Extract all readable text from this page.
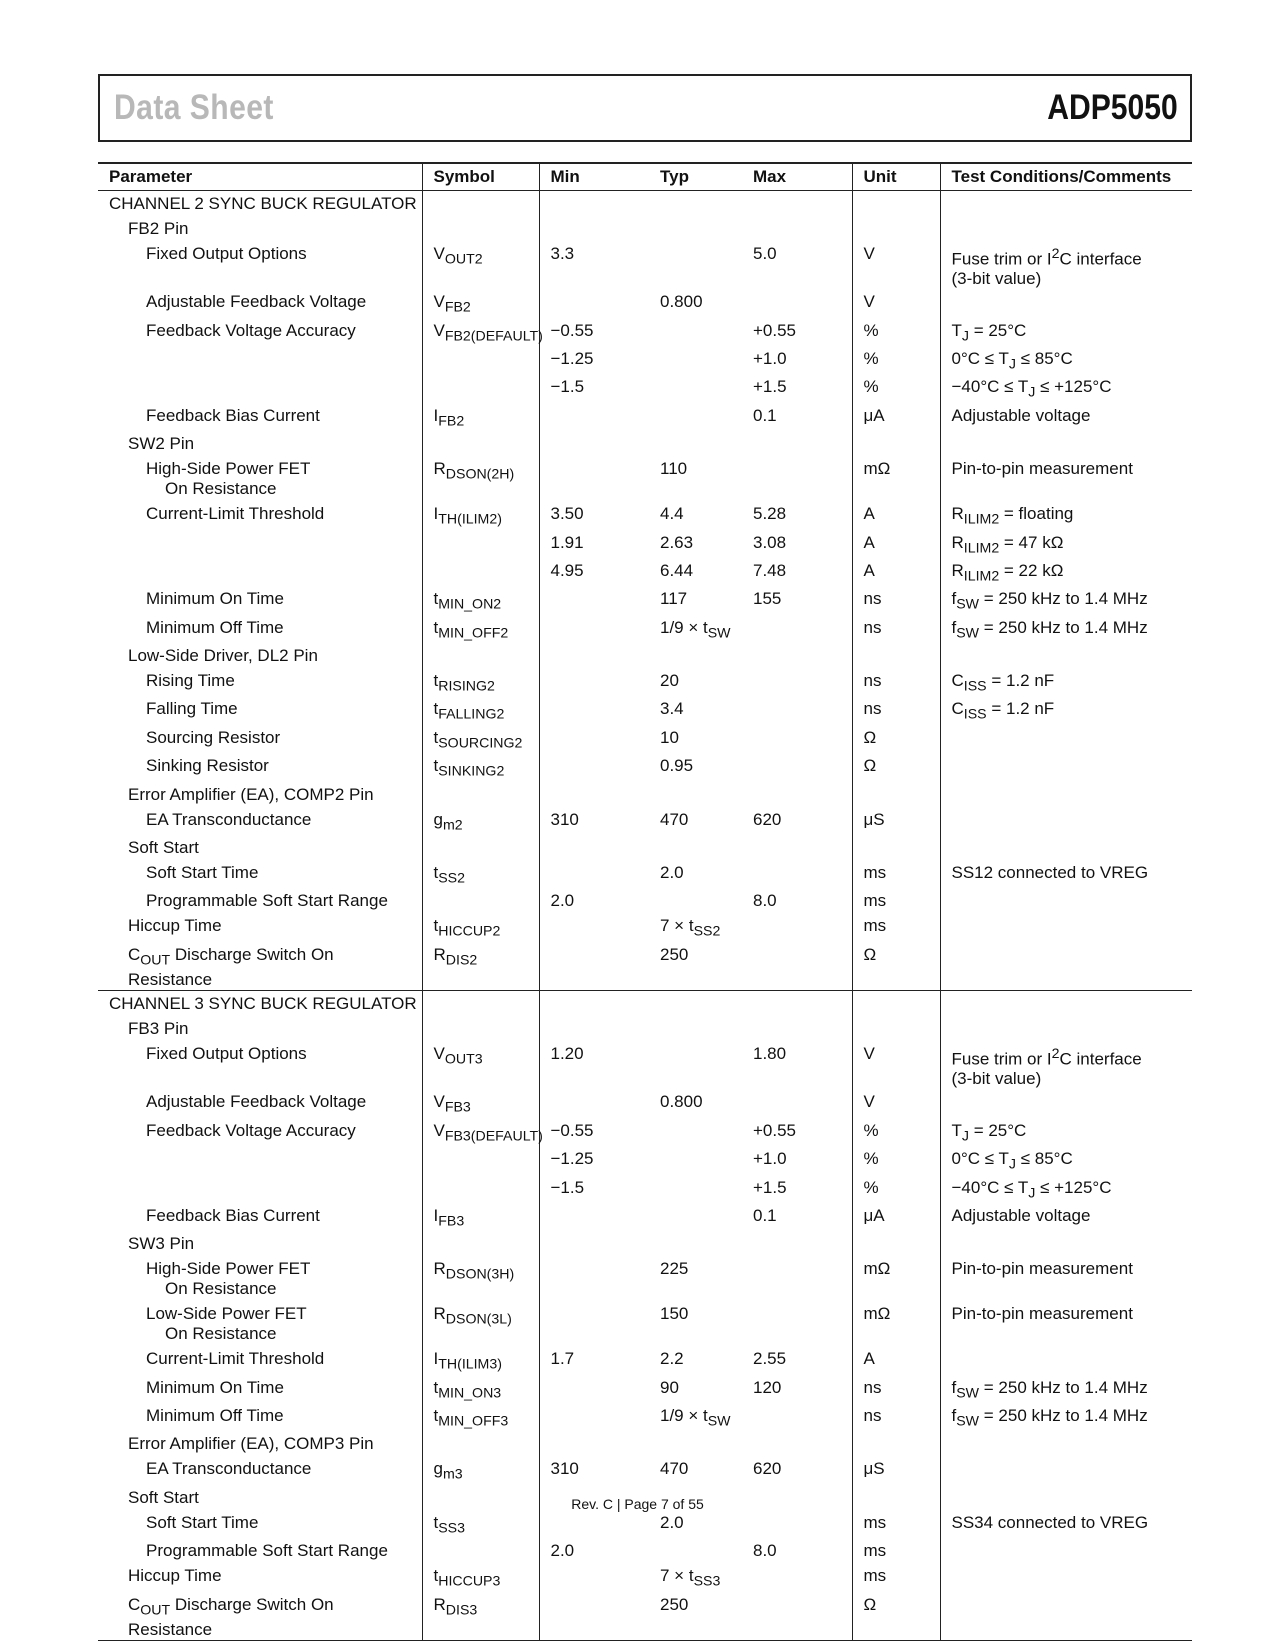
Data Sheet	ADP5050
Parameter	Symbol	Min	Typ	Max	Unit	Test Conditions/Comments
CHANNEL 2 SYNC BUCK REGULATOR						
FB2 Pin						
Fixed Output Options	$V_{OUT2}$	3.3		5.0	V	Fuse trim or $I^2C$ interface
(3-bit value)
Adjustable Feedback Voltage	$V_{FB2}$		0.800		V	
Feedback Voltage Accuracy	$V_{FB2(DEFAULT)}$	−0.55		+0.55	%	$T_J = 25^\circ C$
		−1.25		+1.0	%	$0^\circ C \le T_J \le 85^\circ C$
		−1.5		+1.5	%	$-40^\circ C \le T_J \le +125^\circ C$
Feedback Bias Current	$I_{FB2}$			0.1	μA	Adjustable voltage
SW2 Pin						
High-Side Power FET
On Resistance	$R_{DSON(2H)}$		110		mΩ	Pin-to-pin measurement
Current-Limit Threshold	$I_{TH(ILIM2)}$	3.50	4.4	5.28	A	$R_{ILIM2}$ = floating
		1.91	2.63	3.08	A	$R_{ILIM2} = 47$ kΩ
		4.95	6.44	7.48	A	$R_{ILIM2} = 22$ kΩ
Minimum On Time	$t_{MIN\_ON2}$		117	155	ns	$f_{SW} = 250$ kHz to 1.4 MHz
Minimum Off Time	$t_{MIN\_OFF2}$		$1/9 \times t_{SW}$		ns	$f_{SW} = 250$ kHz to 1.4 MHz
Low-Side Driver, DL2 Pin						
Rising Time	$t_{RISING2}$		20		ns	$C_{ISS} = 1.2$ nF
Falling Time	$t_{FALLING2}$		3.4		ns	$C_{ISS} = 1.2$ nF
Sourcing Resistor	$t_{SOURCING2}$		10		Ω	
Sinking Resistor	$t_{SINKING2}$		0.95		Ω	
Error Amplifier (EA), COMP2 Pin						
EA Transconductance	$g_{m2}$	310	470	620	μS	
Soft Start						
Soft Start Time	$t_{SS2}$		2.0		ms	SS12 connected to VREG
Programmable Soft Start Range		2.0		8.0	ms	
Hiccup Time	$t_{HICCUP2}$		$7 \times t_{SS2}$		ms	
$C_{OUT}$ Discharge Switch On Resistance	$R_{DIS2}$		250		Ω	
CHANNEL 3 SYNC BUCK REGULATOR						
FB3 Pin						
Fixed Output Options	$V_{OUT3}$	1.20		1.80	V	Fuse trim or $I^2C$ interface
(3-bit value)
Adjustable Feedback Voltage	$V_{FB3}$		0.800		V	
Feedback Voltage Accuracy	$V_{FB3(DEFAULT)}$	−0.55		+0.55	%	$T_J = 25^\circ C$
		−1.25		+1.0	%	$0^\circ C \le T_J \le 85^\circ C$
		−1.5		+1.5	%	$-40^\circ C \le T_J \le +125^\circ C$
Feedback Bias Current	$I_{FB3}$			0.1	μA	Adjustable voltage
SW3 Pin						
High-Side Power FET
On Resistance	$R_{DSON(3H)}$		225		mΩ	Pin-to-pin measurement
Low-Side Power FET
On Resistance	$R_{DSON(3L)}$		150		mΩ	Pin-to-pin measurement
Current-Limit Threshold	$I_{TH(ILIM3)}$	1.7	2.2	2.55	A	
Minimum On Time	$t_{MIN\_ON3}$		90	120	ns	$f_{SW} = 250$ kHz to 1.4 MHz
Minimum Off Time	$t_{MIN\_OFF3}$		$1/9 \times t_{SW}$		ns	$f_{SW} = 250$ kHz to 1.4 MHz
Error Amplifier (EA), COMP3 Pin						
EA Transconductance	$g_{m3}$	310	470	620	μS	
Soft Start						
Soft Start Time	$t_{SS3}$		2.0		ms	SS34 connected to VREG
Programmable Soft Start Range		2.0		8.0	ms	
Hiccup Time	$t_{HICCUP3}$		$7 \times t_{SS3}$		ms	
$C_{OUT}$ Discharge Switch On Resistance	$R_{DIS3}$		250		Ω	
Rev. C | Page 7 of 55
